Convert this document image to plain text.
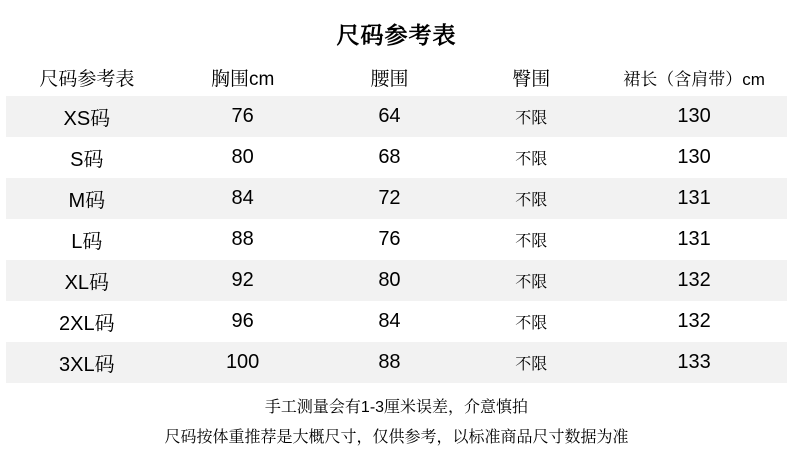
尺码参考表
尺码参考表	胸围cm	腰围	臀围	裙长（含肩带）cm
XS码	76	64	不限	130
S码	80	68	不限	130
M码	84	72	不限	131
L码	88	76	不限	131
XL码	92	80	不限	132
2XL码	96	84	不限	132
3XL码	100	88	不限	133
手工测量会有1-3厘米误差，介意慎拍
尺码按体重推荐是大概尺寸，仅供参考，以标准商品尺寸数据为准
